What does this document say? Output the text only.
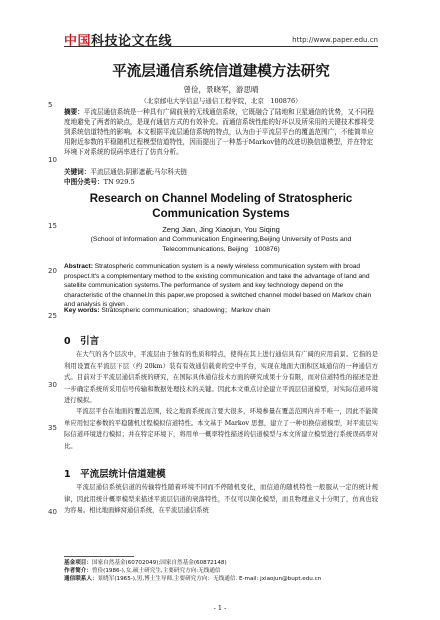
中国科技论文在线	http://www.paper.edu.cn
5
10
15
20
25
30
35
40
平流层通信系统信道建模方法研究
曾俭，景晓军，游思晴
（北京邮电大学信息与通信工程学院，北京　100876）
摘要：平流层通信系统是一种具有广阔前景的无线通信系统，它既融合了陆地和卫星通信的优势，又不同程度地避免了两者的缺点，是现有通信方式的有效补充。而通信系统性能的好坏以及所采用的关键技术都将受到系统信道特性的影响。本文根据平流层通信系统的特点，认为由于平流层平台的覆盖范围广，不能简单应用附近参数的平稳随机过程模型信道特性，因而提出了一种基于Markov链的改进切换信道模型，并在特定环境下对系统的误码率进行了仿真分析。
关键词：平流层通信;阴影遮蔽;马尔科夫链
中图分类号：TN 929.5
Research on Channel Modeling of Stratospheric
Communication Systems
Zeng Jian, Jing Xiaojun, You Siqing
(School of Information and Communication Engineering,Beijing University of Posts and
Telecommunications, Beijing　100876)
Abstract: Stratospheric communication system is a newly wireless communication system with broad prospect.It's a complementary method to the existing communication and take the advantage of land and satellite communication systems.The performance of system and key technology depend on the characteristic of the channel.In this paper,we proposed a switched channel model based on Markov chain and analysis is given .
Key words: Stratospheric communication；shadowing；Markov chain
0　引言
在大气的各个层次中，平流层由于独有的性质和特点，使得在其上进行通信具有广阔的应用前景。它指的是利用设置在平流层下层（约 20km）装有有效通信载荷的空中平台，实现在地面大面积区域通信的一种通信方式。目前对于平流层通信系统的研究，在国际具体通信技术方面的研究成果十分有限，而对信道特性的描述是进一步确定系统所采用信号传输和数据处理技术的关键。因此本文重点讨论建立平流层信道模型，对实际信道环境进行模拟。
平流层平台在地面的覆盖范围，较之地面系统而言要大很多，环境参量在覆盖范围内并不唯一，因此不能简单应用恒定参数的平稳随机过程模拟信道特性。本文基于 Markov 思想，建立了一种切换信道模型，对平流层实际信道环境进行模拟；并在特定环境下，将用单一概率特性描述的信道模型与本文所建立模型进行系统误码率对比。
1　平流层统计信道建模
平流层通信系统信道的传输特性随着环境不同而不停随机变化，而信道的随机特性一般服从一定的统计规律，因此用统计概率模型来描述平流层信道的衰落特性，不仅可以简化模型，而且物理意义十分明了，仿真也较为容易。相比地面蜂窝通信系统，在平流层通信系统
基金项目：国家自然基金(60702049);国家自然基金(60872148)
作者简介：曾俭(1986-),女,硕士研究生,主要研究方向:无线通信
通信联系人：景晓军(1965-),男,博士生导师,主要研究方向：无线通信. E-mail: jxiaojun@bupt.edu.cn
- 1 -
